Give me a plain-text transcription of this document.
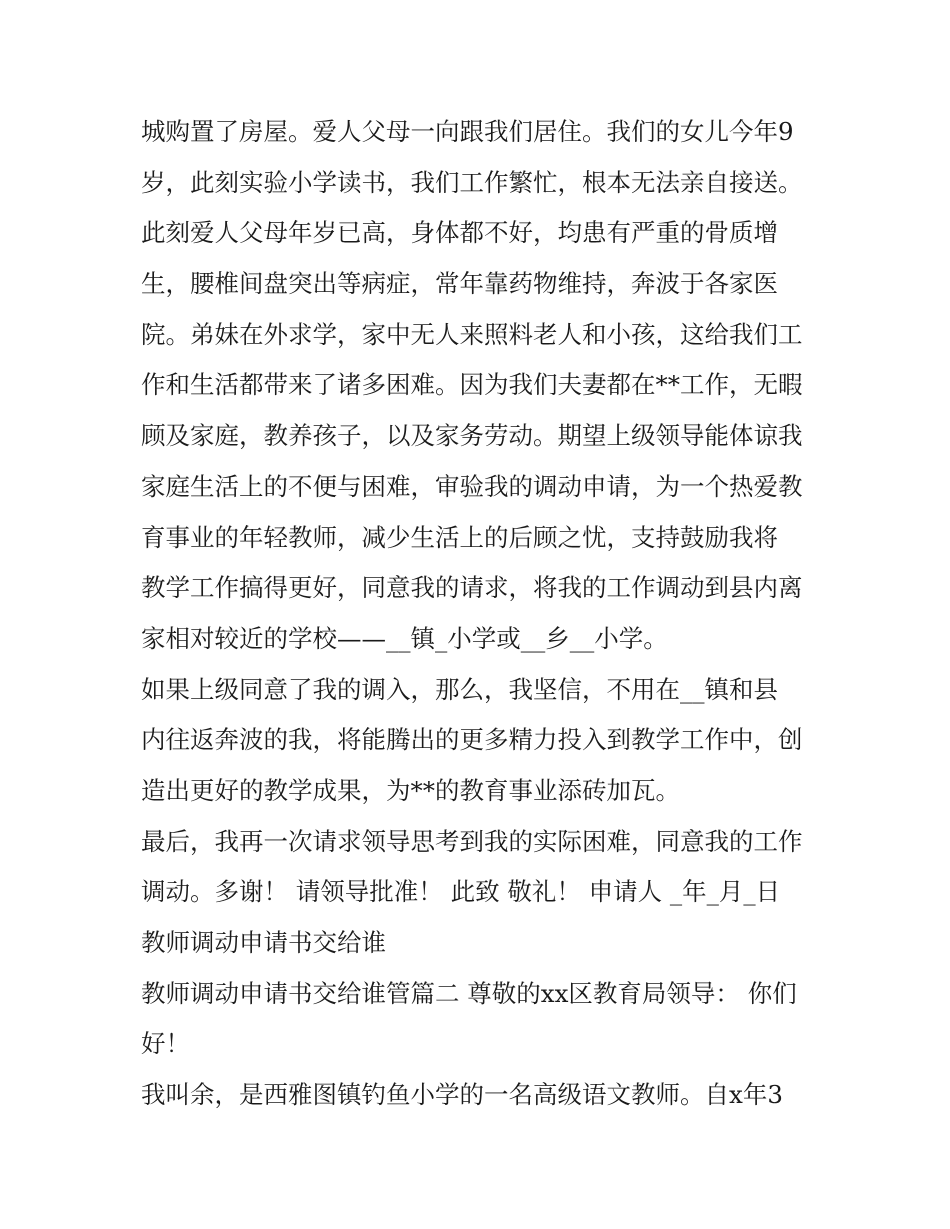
城购置了房屋。爱人父母一向跟我们居住。我们的女儿今年9
岁，此刻实验小学读书，我们工作繁忙，根本无法亲自接送。
此刻爱人父母年岁已高，身体都不好，均患有严重的骨质增
生，腰椎间盘突出等病症，常年靠药物维持，奔波于各家医
院。弟妹在外求学，家中无人来照料老人和小孩，这给我们工
作和生活都带来了诸多困难。因为我们夫妻都在**工作，无暇
顾及家庭，教养孩子，以及家务劳动。期望上级领导能体谅我
家庭生活上的不便与困难，审验我的调动申请，为一个热爱教
育事业的年轻教师，减少生活上的后顾之忧，支持鼓励我将
教学工作搞得更好，同意我的请求，将我的工作调动到县内离
家相对较近的学校——__镇_小学或__乡__小学。
如果上级同意了我的调入，那么，我坚信，不用在__镇和县
内往返奔波的我，将能腾出的更多精力投入到教学工作中，创
造出更好的教学成果，为**的教育事业添砖加瓦。
最后，我再一次请求领导思考到我的实际困难，同意我的工作
调动。多谢！ 请领导批准！ 此致 敬礼！ 申请人 _年_月_日
教师调动申请书交给谁
教师调动申请书交给谁管篇二 尊敬的xx区教育局领导： 你们
好！
我叫余，是西雅图镇钓鱼小学的一名高级语文教师。自x年3
